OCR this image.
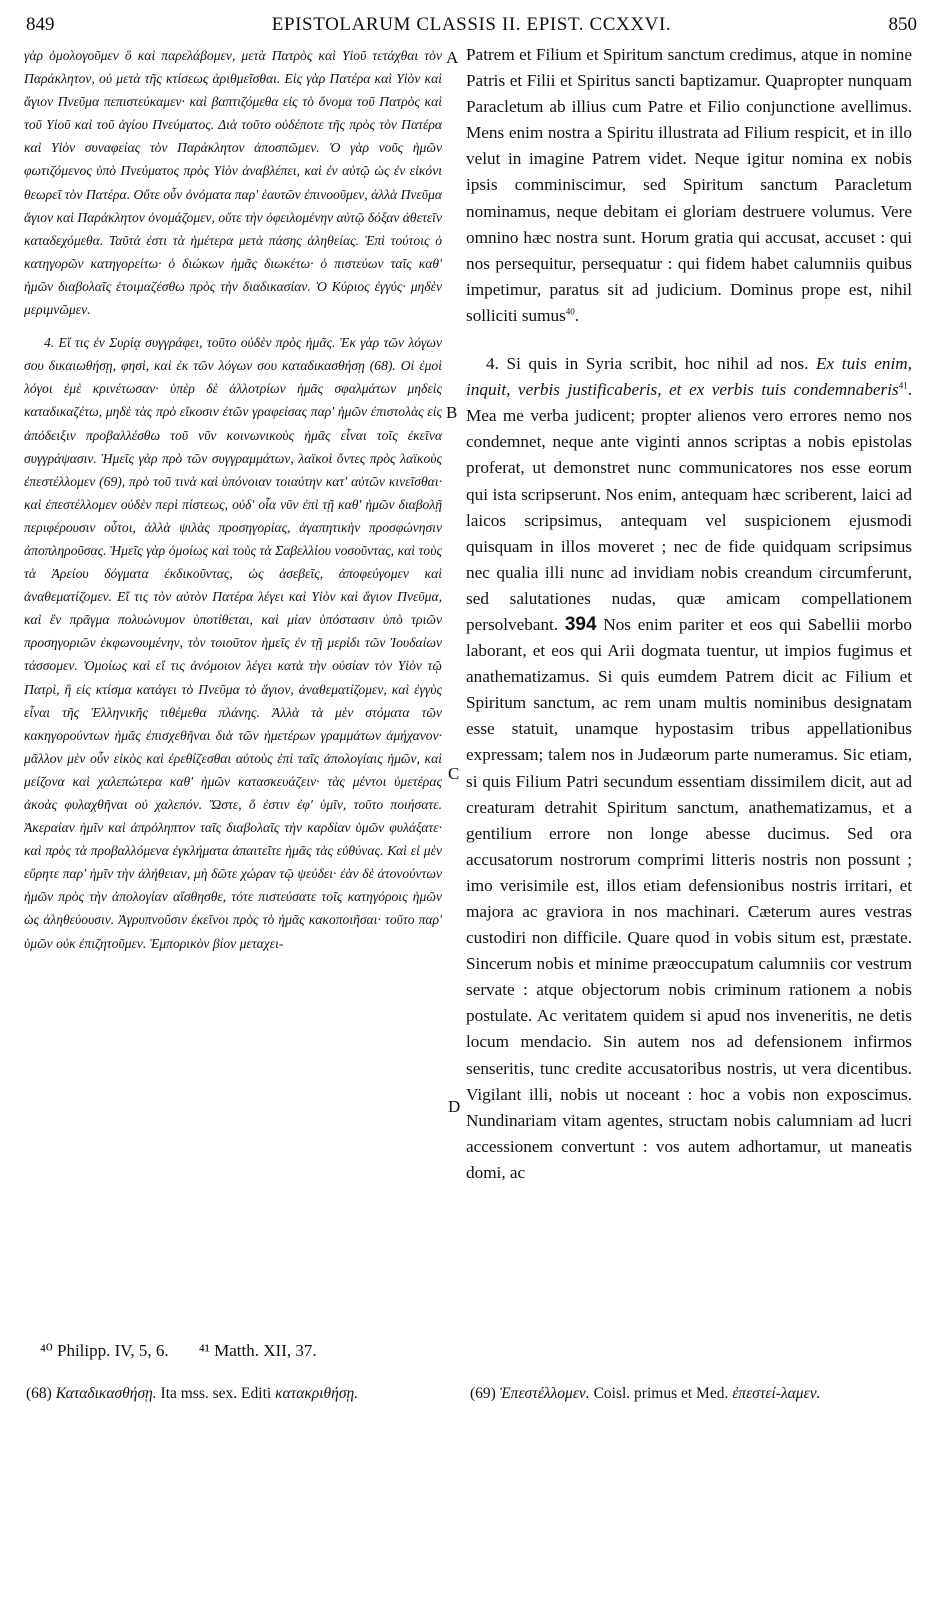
849	EPISTOLARUM CLASSIS II. EPIST. CCXXVI.	850

γὰρ ὁμολογοῦμεν ὃ καὶ παρελάβομεν, μετὰ Πατρὸς καὶ Υἱοῦ τετάχθαι τὸν Παράκλητον, οὐ μετὰ τῆς κτίσεως ἀριθμεῖσθαι. Εἰς γὰρ Πατέρα καὶ Υἱὸν καὶ ἅγιον Πνεῦμα πεπιστεύκαμεν· καὶ βαπτιζόμεθα εἰς τὸ ὄνομα τοῦ Πατρὸς καὶ τοῦ Υἱοῦ καὶ τοῦ ἁγίου Πνεύματος. Διὰ τοῦτο οὐδέποτε τῆς πρὸς τὸν Πατέρα καὶ Υἱὸν συναφείας τὸν Παράκλητον ἀποσπῶμεν. Ὁ γὰρ νοῦς ἡμῶν φωτιζόμενος ὑπὸ Πνεύματος πρὸς Υἱὸν ἀναβλέπει, καὶ ἐν αὐτῷ ὡς ἐν εἰκόνι θεωρεῖ τὸν Πατέρα. Οὔτε οὖν ὀνόματα παρ' ἑαυτῶν ἐπινοοῦμεν, ἀλλὰ Πνεῦμα ἅγιον καὶ Παράκλητον ὀνομάζομεν, οὔτε τὴν ὀφειλομένην αὐτῷ δόξαν ἀθετεῖν καταδεχόμεθα. Ταῦτά ἐστι τὰ ἡμέτερα μετὰ πάσης ἀληθείας. Ἐπὶ τούτοις ὁ κατηγορῶν κατηγορείτω· ὁ διώκων ἡμᾶς διωκέτω· ὁ πιστεύων ταῖς καθ' ἡμῶν διαβολαῖς ἑτοιμαζέσθω πρὸς τὴν διαδικασίαν. Ὁ Κύριος ἐγγύς· μηδὲν μεριμνῶμεν.

4. Εἴ τις ἐν Συρίᾳ συγγράφει, τοῦτο οὐδὲν πρὸς ἡμᾶς. Ἐκ γὰρ τῶν λόγων σου δικαιωθήσῃ, φησὶ, καὶ ἐκ τῶν λόγων σου καταδικασθήσῃ (68). Οἱ ἐμοὶ λόγοι ἐμὲ κρινέτωσαν· ὑπὲρ δὲ ἀλλοτρίων ἡμᾶς σφαλμάτων μηδεὶς καταδικαζέτω, μηδὲ τὰς πρὸ εἴκοσιν ἐτῶν γραφείσας παρ' ἡμῶν ἐπιστολὰς εἰς ἀπόδειξιν προβαλλέσθω τοῦ νῦν κοινωνικοὺς ἡμᾶς εἶναι τοῖς ἐκεῖνα συγγράψασιν. Ἡμεῖς γὰρ πρὸ τῶν συγγραμμάτων, λαϊκοὶ ὄντες πρὸς λαϊκοὺς ἐπεστέλλομεν (69), πρὸ τοῦ τινὰ καὶ ὑπόνοιαν τοιαύτην κατ' αὐτῶν κινεῖσθαι· καὶ ἐπεστέλλομεν οὐδὲν περὶ πίστεως, οὐδ' οἷα νῦν ἐπὶ τῇ καθ' ἡμῶν διαβολῇ περιφέρουσιν οὗτοι, ἀλλὰ ψιλὰς προσηγορίας, ἀγαπητικὴν προσφώνησιν ἀποπληροῦσας. Ἡμεῖς γὰρ ὁμοίως καὶ τοὺς τὰ Σαβελλίου νοσοῦντας, καὶ τοὺς τὰ Ἀρείου δόγματα ἐκδικοῦντας, ὡς ἀσεβεῖς, ἀποφεύγομεν καὶ ἀναθεματίζομεν. Εἴ τις τὸν αὐτὸν Πατέρα λέγει καὶ Υἱὸν καὶ ἅγιον Πνεῦμα, καὶ ἓν πρᾶγμα πολυώνυμον ὑποτίθεται, καὶ μίαν ὑπόστασιν ὑπὸ τριῶν προσηγοριῶν ἐκφωνουμένην, τὸν τοιοῦτον ἡμεῖς ἐν τῇ μερίδι τῶν Ἰουδαίων τάσσομεν. Ὁμοίως καὶ εἴ τις ἀνόμοιον λέγει κατὰ τὴν οὐσίαν τὸν Υἱὸν τῷ Πατρὶ, ἢ εἰς κτίσμα κατάγει τὸ Πνεῦμα τὸ ἅγιον, ἀναθεματίζομεν, καὶ ἐγγὺς εἶναι τῆς Ἑλληνικῆς τιθέμεθα πλάνης. Ἀλλὰ τὰ μὲν στόματα τῶν κακηγορούντων ἡμᾶς ἐπισχεθῆναι διὰ τῶν ἡμετέρων γραμμάτων ἀμήχανον· μᾶλλον μὲν οὖν εἰκὸς καὶ ἐρεθίζεσθαι αὐτοὺς ἐπὶ ταῖς ἀπολογίαις ἡμῶν, καὶ μείζονα καὶ χαλεπώτερα καθ' ἡμῶν κατασκευάζειν· τὰς μέντοι ὑμετέρας ἀκοὰς φυλαχθῆναι οὐ χαλεπόν. Ὥστε, ὅ ἐστιν ἐφ' ὑμῖν, τοῦτο ποιήσατε. Ἀκεραίαν ἡμῖν καὶ ἀπρόληπτον ταῖς διαβολαῖς τὴν καρδίαν ὑμῶν φυλάξατε· καὶ πρὸς τὰ προβαλλόμενα ἐγκλήματα ἀπαιτεῖτε ἡμᾶς τὰς εὐθύνας. Καὶ εἰ μὲν εὕρητε παρ' ἡμῖν τὴν ἀλήθειαν, μὴ δῶτε χώραν τῷ ψεύδει· ἐὰν δὲ ἀτονούντων ἡμῶν πρὸς τὴν ἀπολογίαν αἴσθησθε, τότε πιστεύσατε τοῖς κατηγόροις ἡμῶν ὡς ἀληθεύουσιν. Ἀγρυπνοῦσιν ἐκεῖνοι πρὸς τὸ ἡμᾶς κακοποιῆσαι· τοῦτο παρ' ὑμῶν οὐκ ἐπιζητοῦμεν. Ἐμπορικὸν βίον μεταχει-

Patrem et Filium et Spiritum sanctum credimus, atque in nomine Patris et Filii et Spiritus sancti baptizamur. Quapropter nunquam Paracletum ab illius cum Patre et Filio conjunctione avellimus. Mens enim nostra a Spiritu illustrata ad Filium respicit, et in illo velut in imagine Patrem videt. Neque igitur nomina ex nobis ipsis comminiscimur, sed Spiritum sanctum Paracletum nominamus, neque debitam ei gloriam destruere volumus. Vere omnino hæc nostra sunt. Horum gratia qui accusat, accuset : qui nos persequitur, persequatur : qui fidem habet calumniis quibus impetimur, paratus sit ad judicium. Dominus prope est, nihil solliciti sumus$^{40}$.

4. Si quis in Syria scribit, hoc nihil ad nos. Ex tuis enim, inquit, verbis justificaberis, et ex verbis tuis condemnaberis$^{41}$. Mea me verba judicent; propter alienos vero errores nemo nos condemnet, neque ante viginti annos scriptas a nobis epistolas proferat, ut demonstret nunc communicatores nos esse eorum qui ista scripserunt. Nos enim, antequam hæc scriberent, laici ad laicos scripsimus, antequam vel suspicionem ejusmodi quisquam in illos moveret ; nec de fide quidquam scripsimus nec qualia illi nunc ad invidiam nobis creandum circumferunt, sed salutationes nudas, quæ amicam compellationem persolvebant. 394 Nos enim pariter et eos qui Sabellii morbo laborant, et eos qui Arii dogmata tuentur, ut impios fugimus et anathematizamus. Si quis eumdem Patrem dicit ac Filium et Spiritum sanctum, ac rem unam multis nominibus designatam esse statuit, unamque hypostasim tribus appellationibus expressam; talem nos in Judæorum parte numeramus. Sic etiam, si quis Filium Patri secundum essentiam dissimilem dicit, aut ad creaturam detrahit Spiritum sanctum, anathematizamus, et a gentilium errore non longe abesse ducimus. Sed ora accusatorum nostrorum comprimi litteris nostris non possunt ; imo verisimile est, illos etiam defensionibus nostris irritari, et majora ac graviora in nos machinari. Cæterum aures vestras custodiri non difficile. Quare quod in vobis situm est, præstate. Sincerum nobis et minime præoccupatum calumniis cor vestrum servate : atque objectorum nobis criminum rationem a nobis postulate. Ac veritatem quidem si apud nos inveneritis, ne detis locum mendacio. Sin autem nos ad defensionem infirmos senseritis, tunc credite accusatoribus nostris, ut vera dicentibus. Vigilant illi, nobis ut noceant : hoc a vobis non exposcimus. Nundinariam vitam agentes, structam nobis calumniam ad lucri accessionem convertunt : vos autem adhortamur, ut maneatis domi, ac

A
B
C
D
⁴⁰ Philipp. IV, 5, 6. ⁴¹ Matth. XII, 37.
(68) Καταδικασθήσῃ. Ita mss. sex. Editi κατακριθήσῃ.	(69) Ἐπεστέλλομεν. Coisl. primus et Med. ἐπεστεί-λαμεν.
